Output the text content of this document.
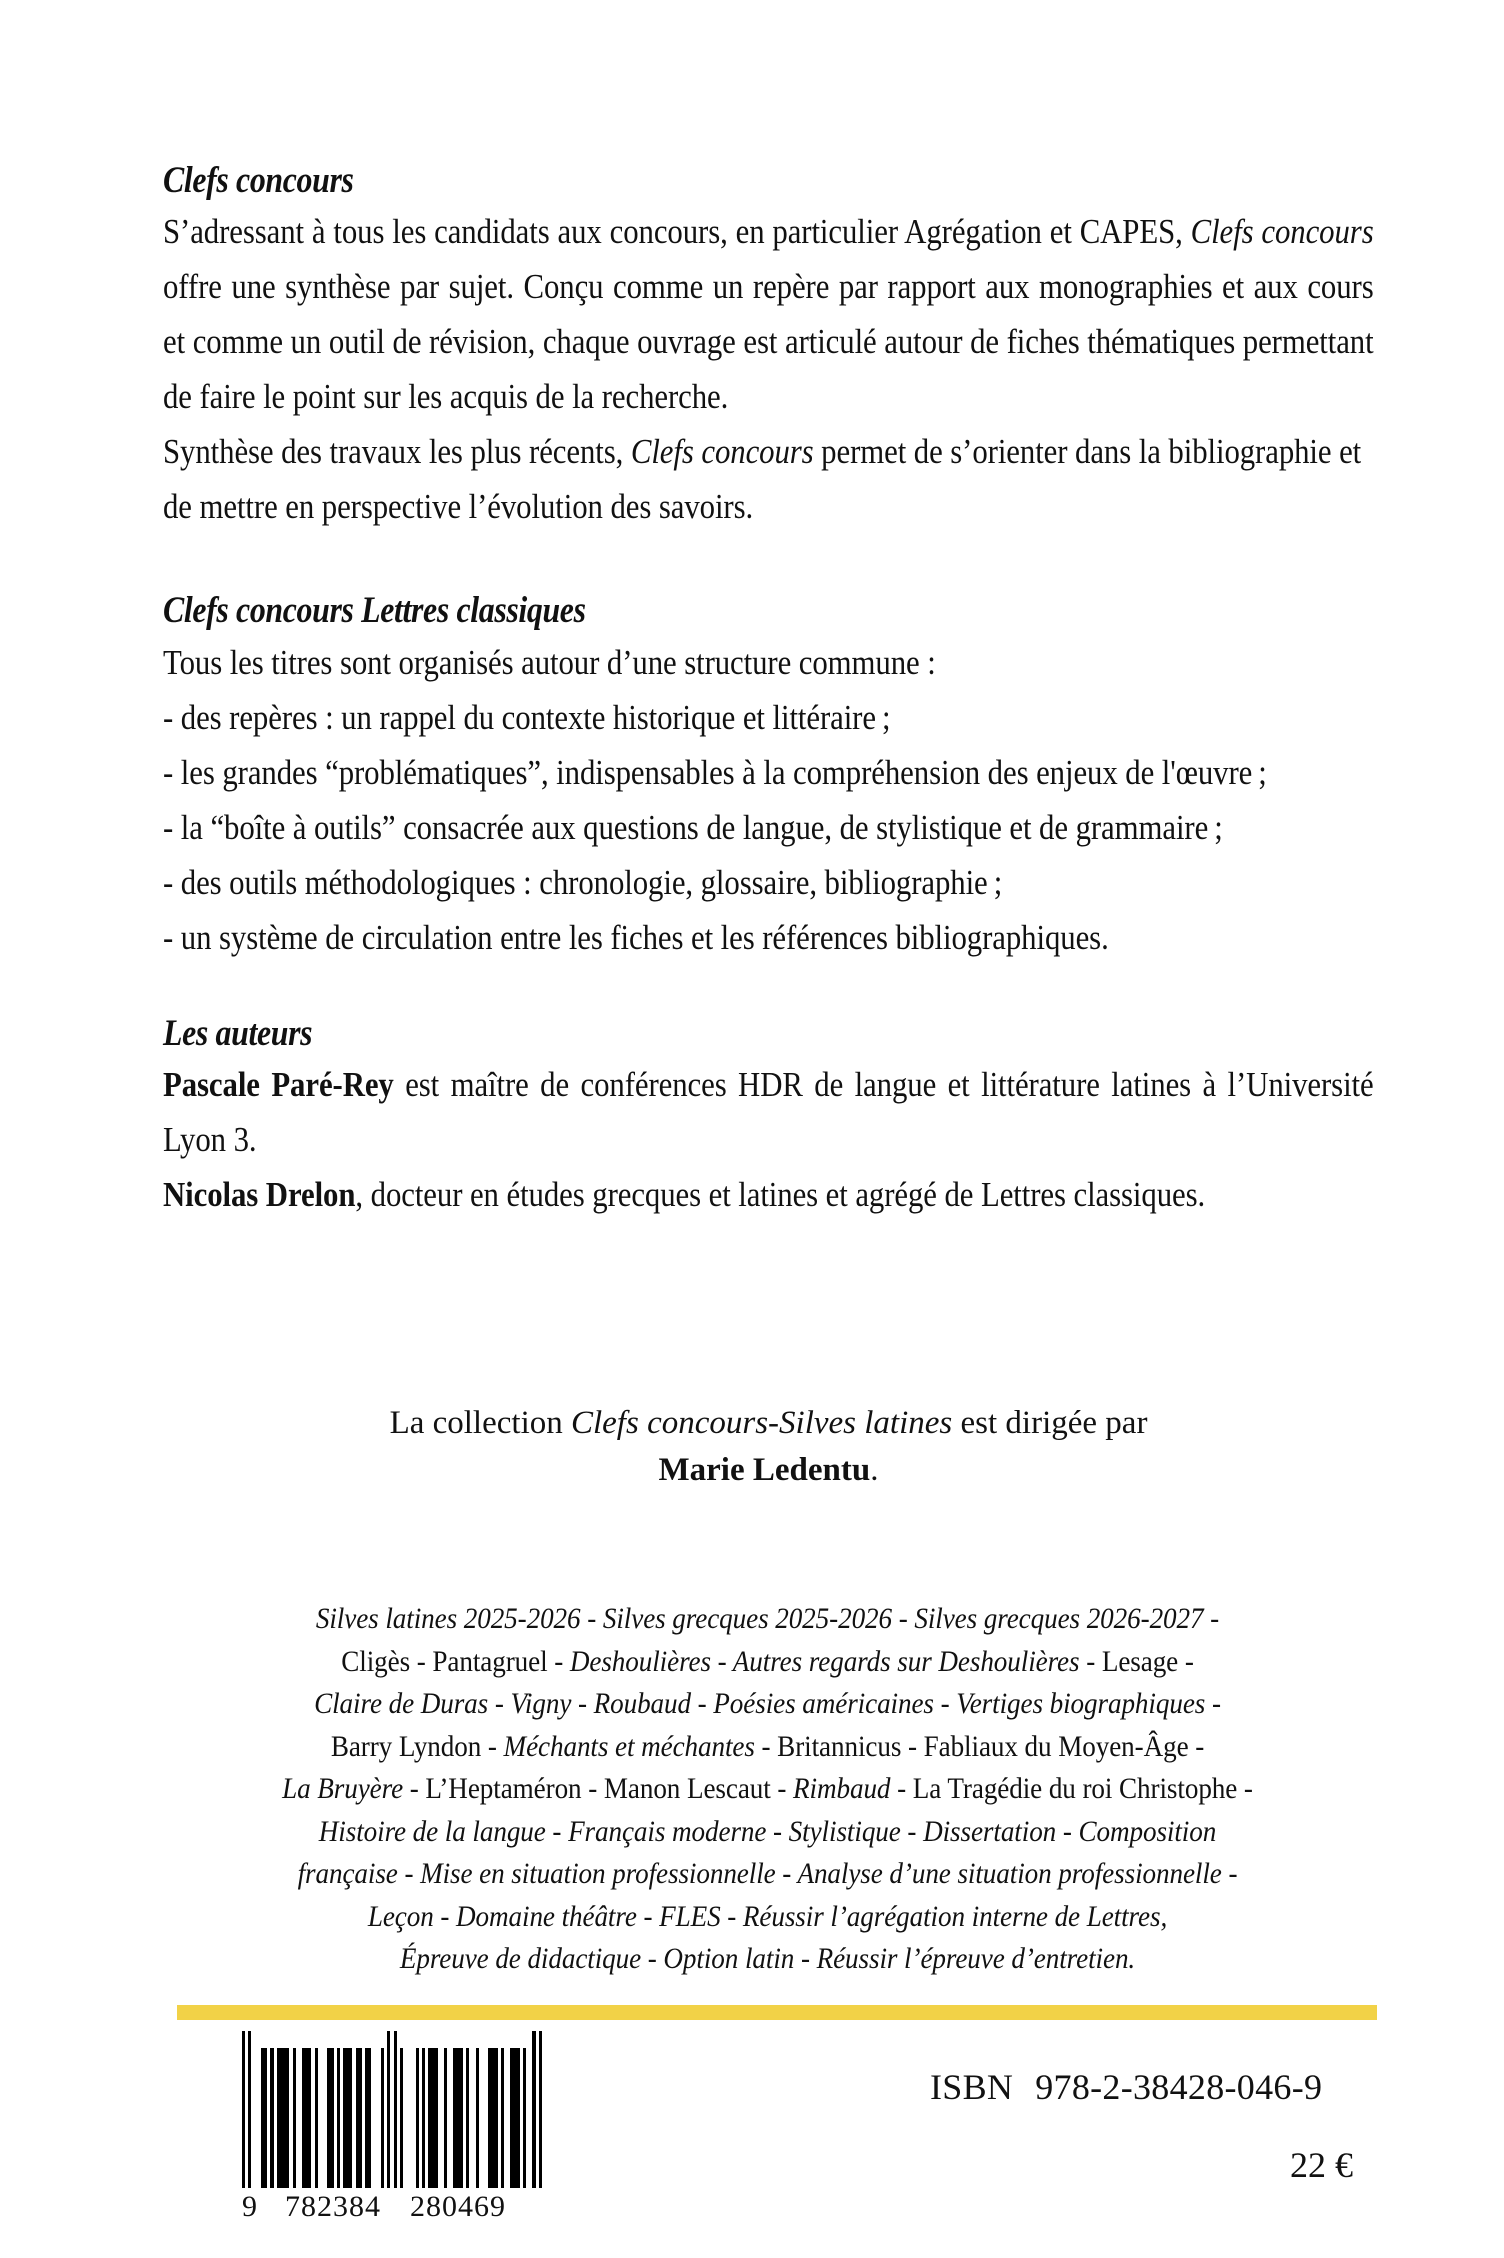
Clefs concours

S’adressant à tous les candidats aux concours, en particulier Agrégation et CAPES, Clefs concours offre une synthèse par sujet. Conçu comme un repère par rapport aux monographies et aux cours et comme un outil de révision, chaque ouvrage est articulé autour de fiches thématiques permettant de faire le point sur les acquis de la recherche.

Synthèse des travaux les plus récents, Clefs concours permet de s’orienter dans la bibliographie et de mettre en perspective l’évolution des savoirs.

Clefs concours Lettres classiques

Tous les titres sont organisés autour d’une structure commune :

- des repères : un rappel du contexte historique et littéraire ;

- les grandes “problématiques”, indispensables à la compréhension des enjeux de l'œuvre ;

- la “boîte à outils” consacrée aux questions de langue, de stylistique et de grammaire ;

- des outils méthodologiques : chronologie, glossaire, bibliographie ;

- un système de circulation entre les fiches et les références bibliographiques.

Les auteurs

Pascale Paré-Rey est maître de conférences HDR de langue et littérature latines à l’Université Lyon 3.

Nicolas Drelon, docteur en études grecques et latines et agrégé de Lettres classiques.

La collection Clefs concours-Silves latines est dirigée par
Marie Ledentu.
Silves latines 2025-2026 - Silves grecques 2025-2026 - Silves grecques 2026-2027 -
Cligès - Pantagruel - Deshoulières - Autres regards sur Deshoulières - Lesage -
Claire de Duras - Vigny - Roubaud - Poésies américaines - Vertiges biographiques -
Barry Lyndon - Méchants et méchantes - Britannicus - Fabliaux du Moyen-Âge -
La Bruyère - L’Heptaméron - Manon Lescaut - Rimbaud - La Tragédie du roi Christophe -
Histoire de la langue - Français moderne - Stylistique - Dissertation - Composition
française - Mise en situation professionnelle - Analyse d’une situation professionnelle -
Leçon - Domaine théâtre - FLES - Réussir l’agrégation interne de Lettres,
Épreuve de didactique - Option latin - Réussir l’épreuve d’entretien.
9 782384 280469
ISBN 978-2-38428-046-9
22 €
